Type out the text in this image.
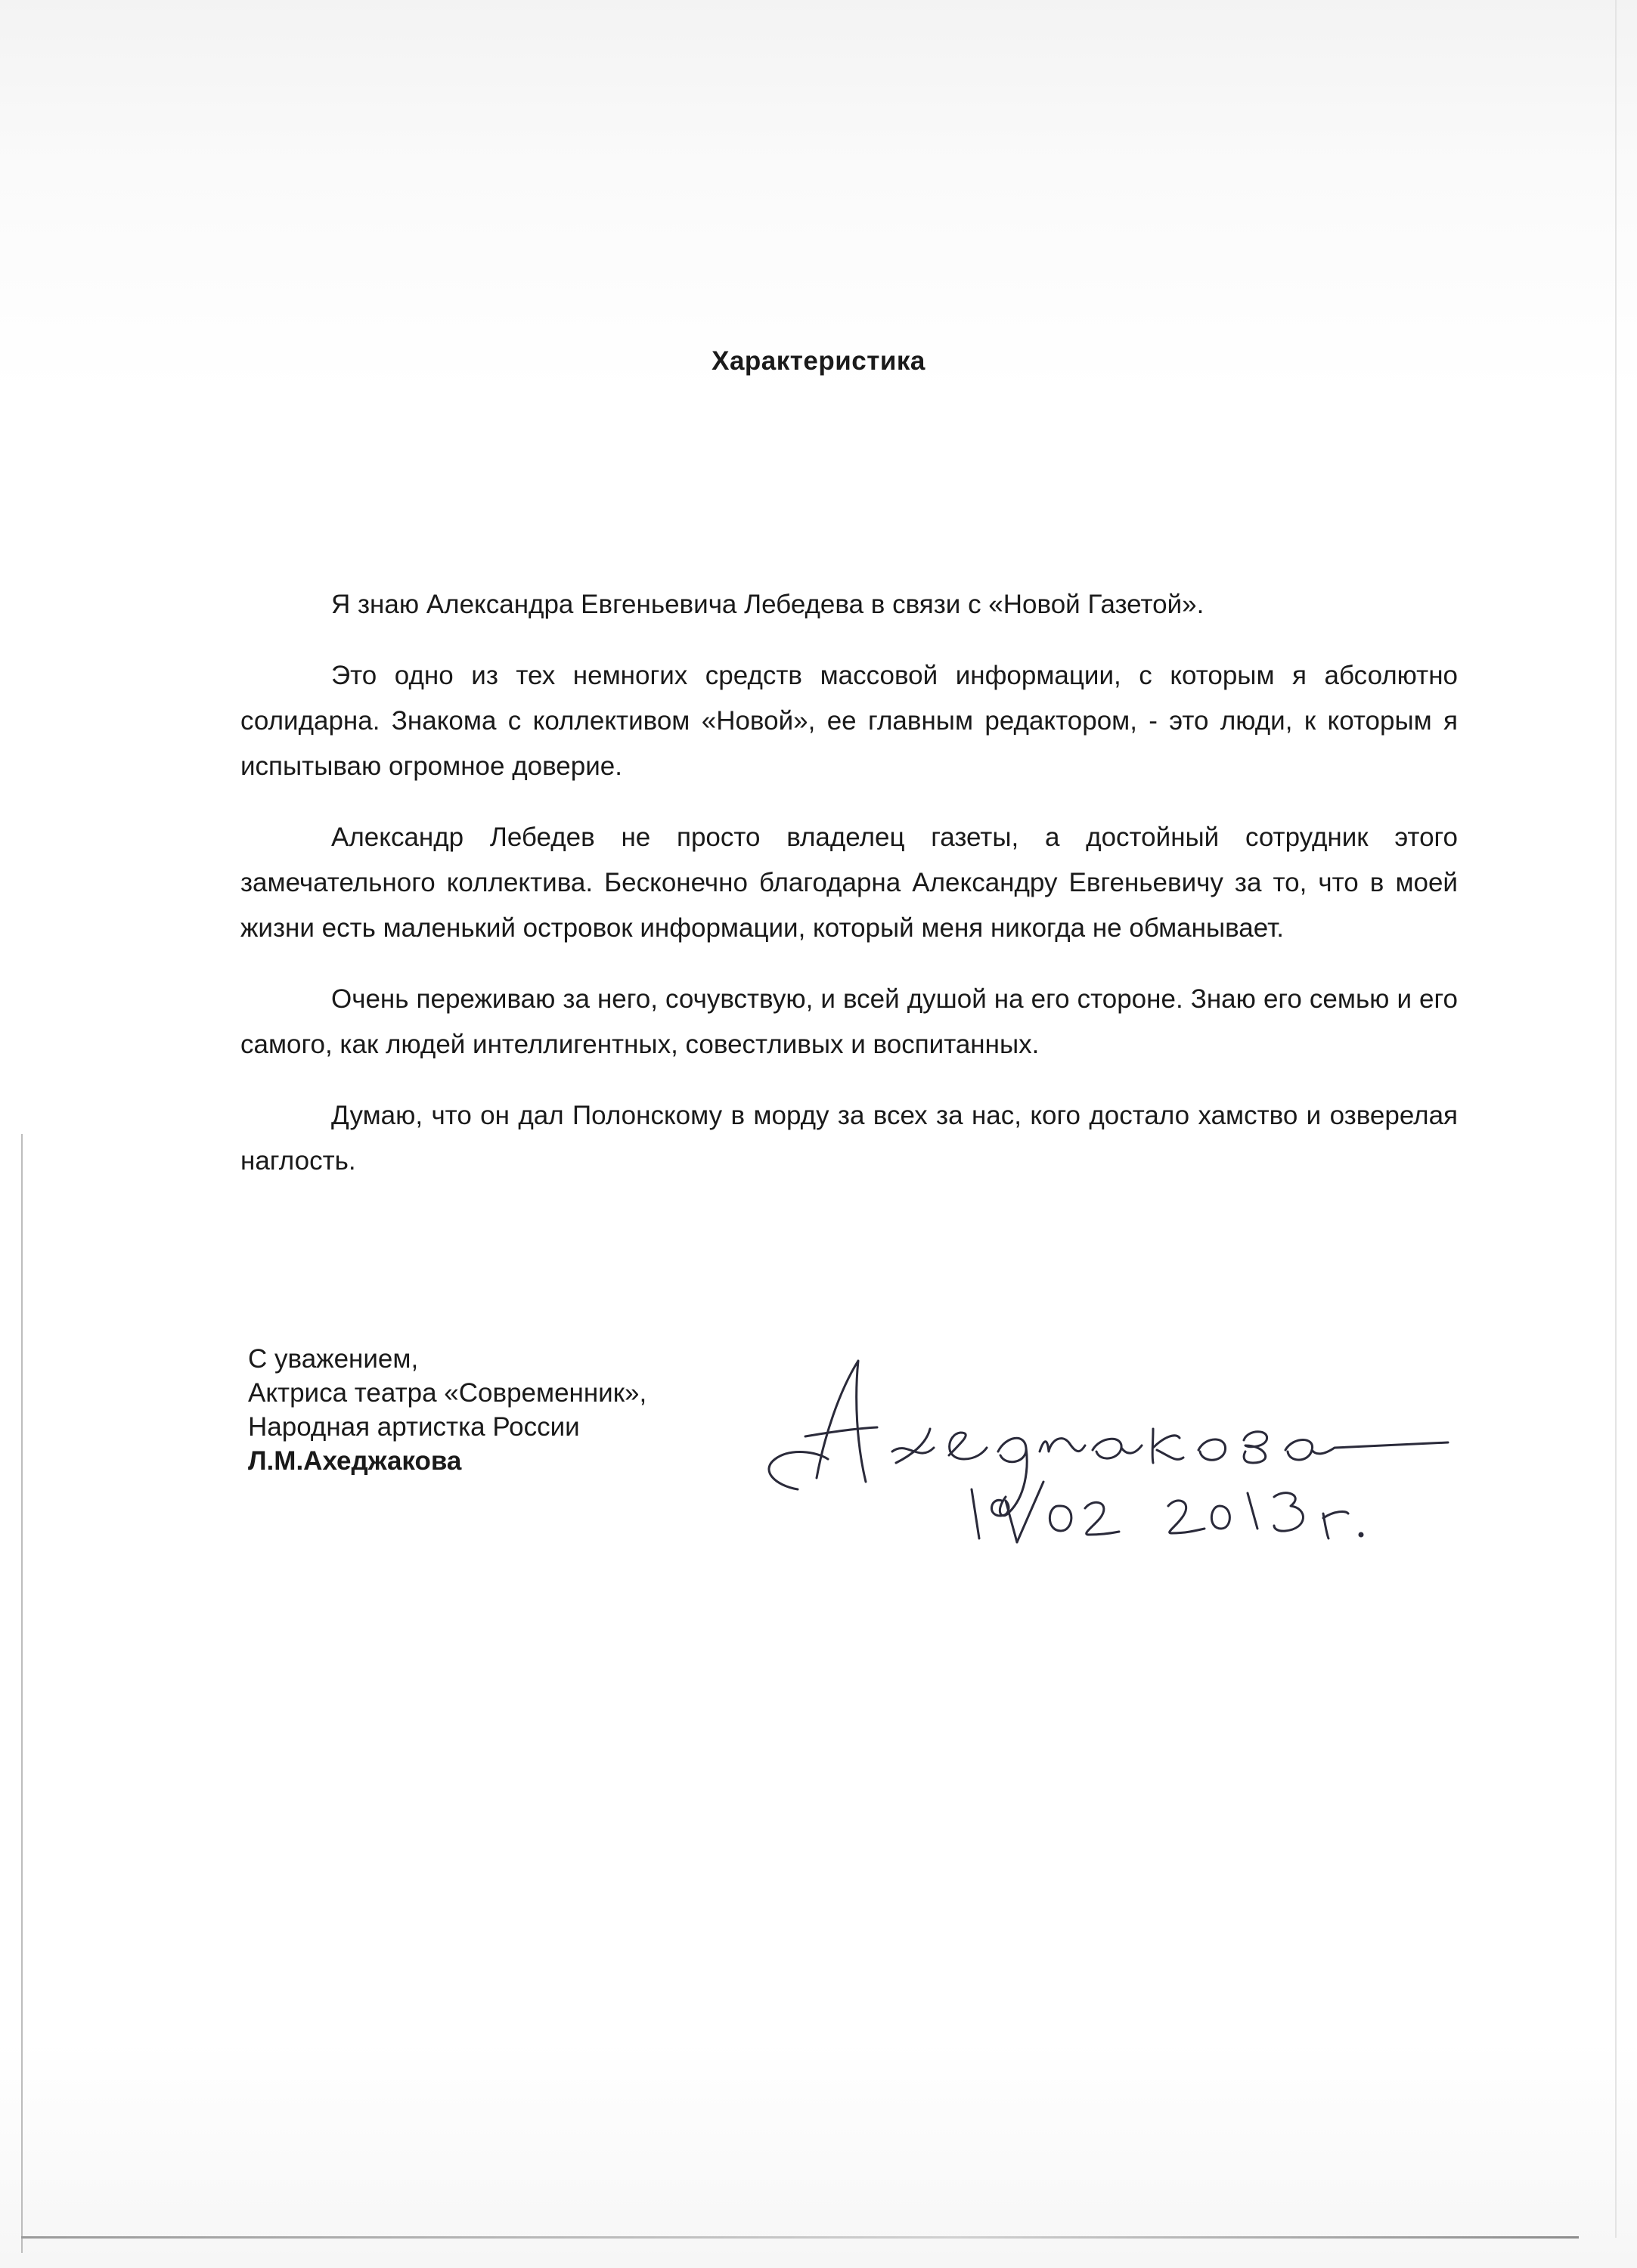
Характеристика

Я знаю Александра Евгеньевича Лебедева в связи с «Новой Газетой».

Это одно из тех немногих средств массовой информации, с которым я абсолютно солидарна. Знакома с коллективом «Новой», ее главным редактором, - это люди, к которым я испытываю огромное доверие.

Александр Лебедев не просто владелец газеты, а достойный сотрудник этого замечательного коллектива. Бесконечно благодарна Александру Евгеньевичу за то, что в моей жизни есть маленький островок информации, который меня никогда не обманывает.

Очень переживаю за него, сочувствую, и всей душой на его стороне. Знаю его семью и его самого, как людей интеллигентных, совестливых и воспитанных.

Думаю, что он дал Полонскому в морду за всех за нас, кого достало хамство и озверелая наглость.

С уважением,
Актриса театра «Современник»,
Народная артистка России
Л.М.Ахеджакова
